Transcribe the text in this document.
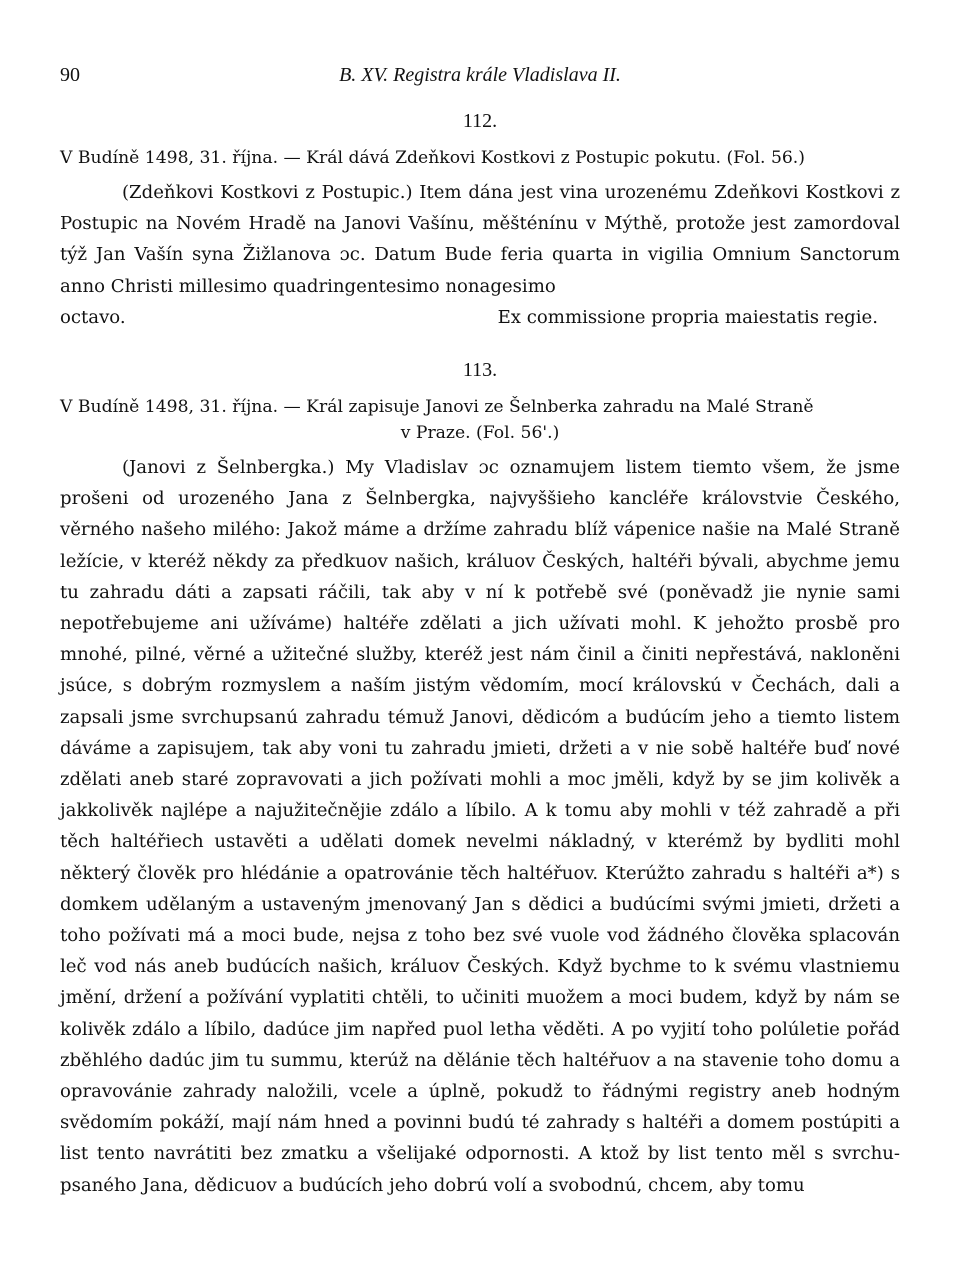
90	B. XV. Registra krále Vladislava II.
112.

V Budíně 1498, 31. října. — Král dává Zdeňkovi Kostkovi z Postupic pokutu. (Fol. 56.)

(Zdeňkovi Kostkovi z Postupic.) Item dána jest vina urozenému Zdeňkovi Kostkovi z Postupic na Novém Hradě na Janovi Vašínu, měšténínu v Mýthě, protože jest zamordoval týž Jan Vašín syna Žižlanova ɔc. Datum Bude feria quarta in vigilia Omnium Sanctorum anno Christi millesimo quadringentesimo nonagesimo

octavo.	Ex commissione propria maiestatis regie.
113.

V Budíně 1498, 31. října. — Král zapisuje Janovi ze Šelnberka zahradu na Malé Straně
v Praze. (Fol. 56'.)

(Janovi z Šelnbergka.) My Vladislav ɔc oznamujem listem tiemto všem, že jsme prošeni od urozeného Jana z Šelnbergka, najvyššieho kancléře královstvie Českého, věrného našeho milého: Jakož máme a držíme zahradu blíž vápenice našie na Malé Straně ležície, v kteréž někdy za předkuov našich, králuov Českých, haltéři bývali, abychme jemu tu zahradu dáti a zapsati ráčili, tak aby v ní k potřebě své (poněvadž jie nynie sami nepotřebujeme ani užíváme) haltéře zdělati a jich užívati mohl. K jehožto prosbě pro mnohé, pilné, věrné a užitečné služby, kteréž jest nám činil a činiti nepřestává, nakloněni jsúce, s dobrým rozmyslem a naším jistým vědomím, mocí královskú v Čechách, dali a zapsali jsme svrchupsanú zahradu témuž Janovi, dědicóm a budúcím jeho a tiemto listem dáváme a zapisujem, tak aby voni tu zahradu jmieti, držeti a v nie sobě haltéře buď nové zdělati aneb staré zopravovati a jich požívati mohli a moc jměli, když by se jim kolivěk a jakkolivěk najlépe a najužitečnějie zdálo a líbilo. A k tomu aby mohli v též zahradě a při těch haltéřiech ustavěti a udělati domek nevelmi nákladný, v kterémž by bydliti mohl některý člověk pro hlédánie a opatrovánie těch haltéřuov. Kterúžto zahradu s haltéři a*) s domkem udělaným a ustaveným jmenovaný Jan s dědici a budúcími svými jmieti, držeti a toho požívati má a moci bude, nejsa z toho bez své vuole vod žádného člověka splacován leč vod nás aneb budúcích našich, králuov Českých. Když bychme to k svému vlastniemu jmění, držení a požívání vyplatiti chtěli, to učiniti muožem a moci budem, když by nám se kolivěk zdálo a líbilo, dadúce jim napřed puol letha věděti. A po vyjití toho polúletie pořád zběhlého dadúc jim tu summu, kterúž na dělánie těch haltéřuov a na stavenie toho domu a opravovánie zahrady naložili, vcele a úplně, pokudž to řádnými registry aneb hodným svědomím pokáží, mají nám hned a povinni budú té zahrady s haltéři a domem postúpiti a list tento navrátiti bez zmatku a všelijaké odpornosti. A ktož by list tento měl s svrchupsaného Jana, dědicuov a budúcích jeho dobrú volí a svobodnú, chcem, aby tomu
